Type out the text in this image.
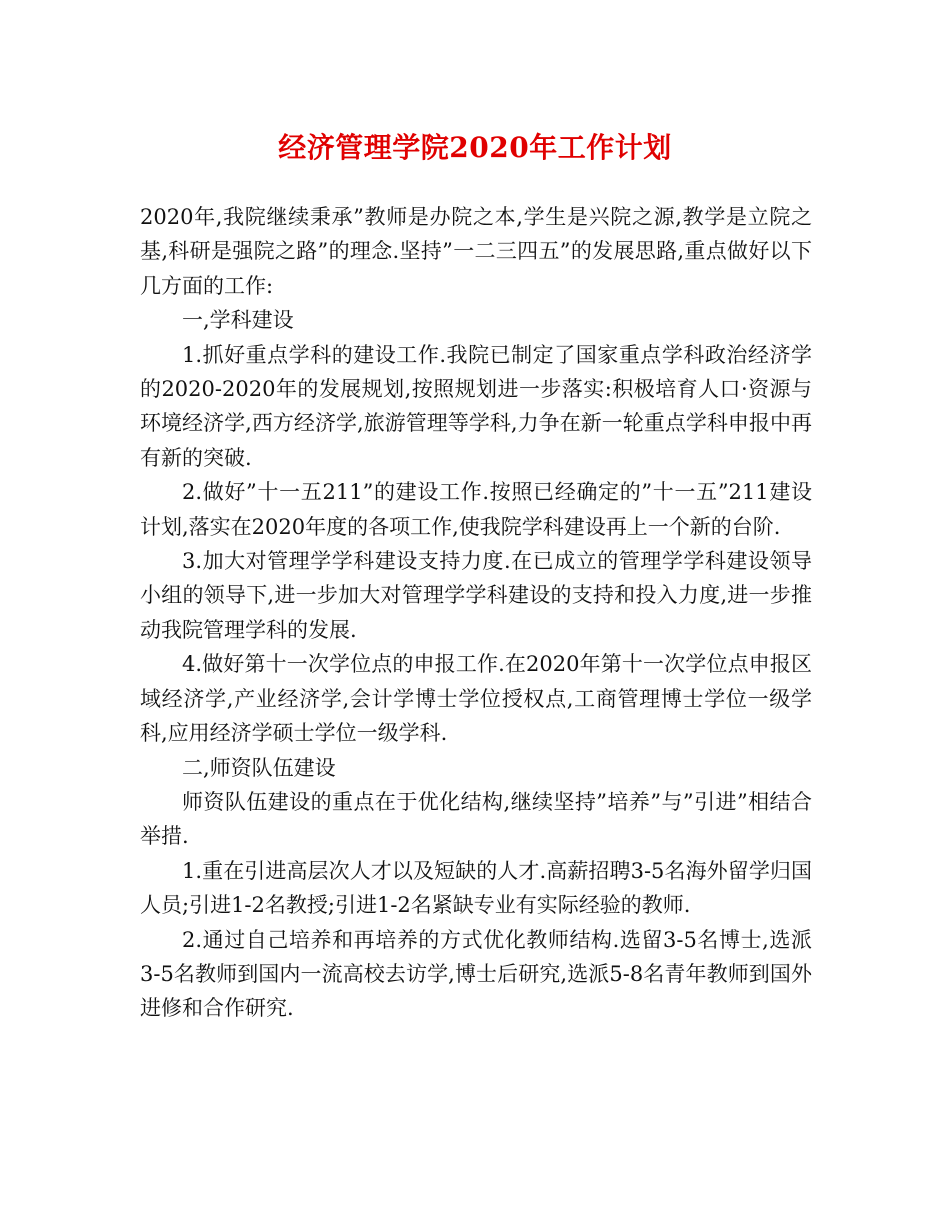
经济管理学院2020年工作计划

2020年,我院继续秉承”教师是办院之本,学生是兴院之源,教学是立院之基,科研是强院之路”的理念.坚持”一二三四五”的发展思路,重点做好以下几方面的工作:

一,学科建设

1.抓好重点学科的建设工作.我院已制定了国家重点学科政治经济学的2020-2020年的发展规划,按照规划进一步落实:积极培育人口·资源与环境经济学,西方经济学,旅游管理等学科,力争在新一轮重点学科申报中再有新的突破.

2.做好”十一五211”的建设工作.按照已经确定的”十一五”211建设计划,落实在2020年度的各项工作,使我院学科建设再上一个新的台阶.

3.加大对管理学学科建设支持力度.在已成立的管理学学科建设领导小组的领导下,进一步加大对管理学学科建设的支持和投入力度,进一步推动我院管理学科的发展.

4.做好第十一次学位点的申报工作.在2020年第十一次学位点申报区域经济学,产业经济学,会计学博士学位授权点,工商管理博士学位一级学科,应用经济学硕士学位一级学科.

二,师资队伍建设

师资队伍建设的重点在于优化结构,继续坚持”培养”与”引进”相结合举措.

1.重在引进高层次人才以及短缺的人才.高薪招聘3-5名海外留学归国人员;引进1-2名教授;引进1-2名紧缺专业有实际经验的教师.

2.通过自己培养和再培养的方式优化教师结构.选留3-5名博士,选派3-5名教师到国内一流高校去访学,博士后研究,选派5-8名青年教师到国外进修和合作研究.
